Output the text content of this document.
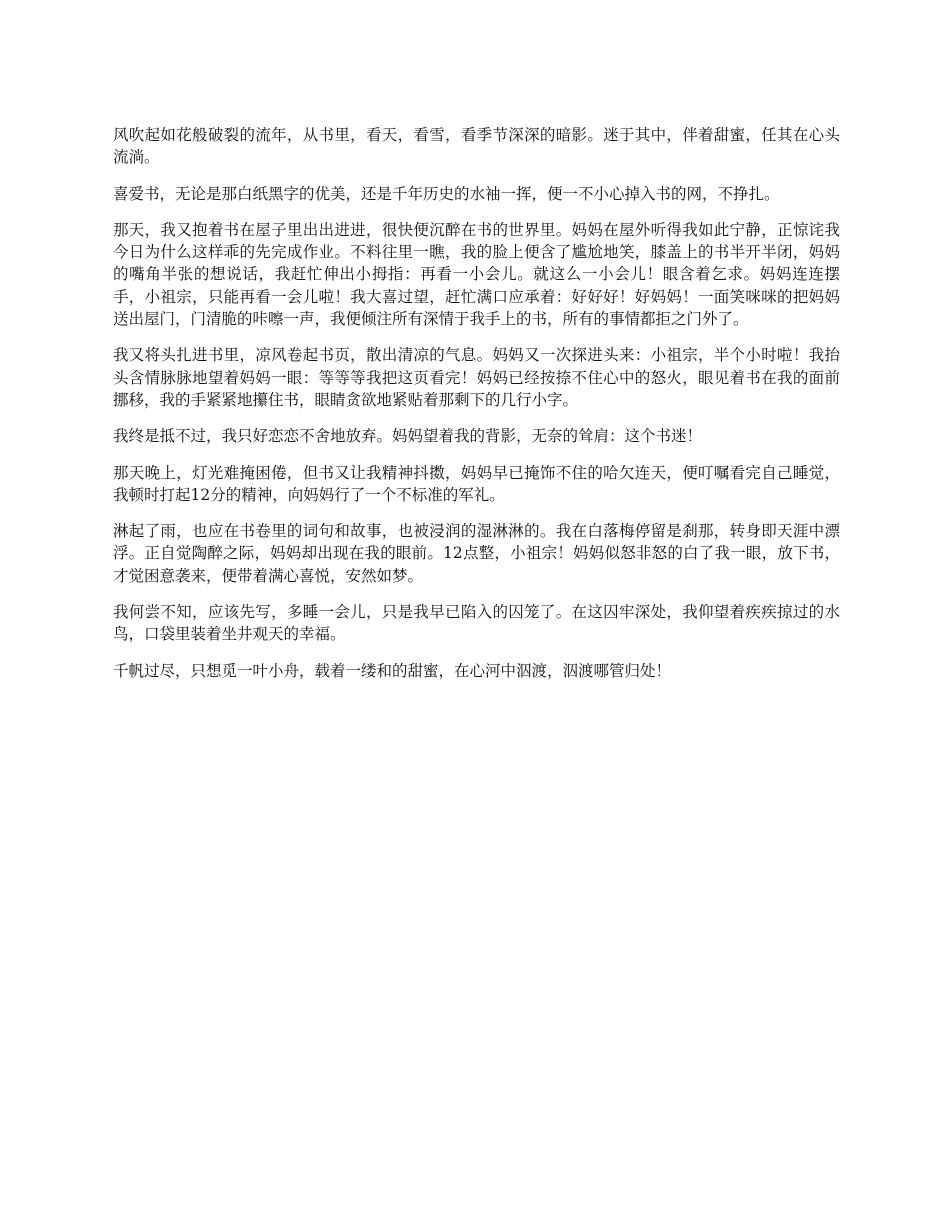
风吹起如花般破裂的流年，从书里，看天，看雪，看季节深深的暗影。迷于其中，伴着甜蜜，任其在心头流淌。

喜爱书，无论是那白纸黑字的优美，还是千年历史的水袖一挥，便一不小心掉入书的网，不挣扎。

那天，我又抱着书在屋子里出出进进，很快便沉醉在书的世界里。妈妈在屋外听得我如此宁静，正惊诧我今日为什么这样乖的先完成作业。不料往里一瞧，我的脸上便含了尴尬地笑，膝盖上的书半开半闭，妈妈的嘴角半张的想说话，我赶忙伸出小拇指：再看一小会儿。就这么一小会儿！眼含着乞求。妈妈连连摆手，小祖宗，只能再看一会儿啦！我大喜过望，赶忙满口应承着：好好好！好妈妈！一面笑咪咪的把妈妈送出屋门，门清脆的咔嚓一声，我便倾注所有深情于我手上的书，所有的事情都拒之门外了。

我又将头扎进书里，凉风卷起书页，散出清凉的气息。妈妈又一次探进头来：小祖宗，半个小时啦！我抬头含情脉脉地望着妈妈一眼：等等等我把这页看完！妈妈已经按捺不住心中的怒火，眼见着书在我的面前挪移，我的手紧紧地攥住书，眼睛贪欲地紧贴着那剩下的几行小字。

我终是抵不过，我只好恋恋不舍地放弃。妈妈望着我的背影，无奈的耸肩：这个书迷！

那天晚上，灯光难掩困倦，但书又让我精神抖擞，妈妈早已掩饰不住的哈欠连天，便叮嘱看完自己睡觉，我顿时打起12分的精神，向妈妈行了一个不标准的军礼。

淋起了雨，也应在书卷里的词句和故事，也被浸润的湿淋淋的。我在白落梅停留是刹那，转身即天涯中漂浮。正自觉陶醉之际，妈妈却出现在我的眼前。12点整，小祖宗！妈妈似怒非怒的白了我一眼，放下书，才觉困意袭来，便带着满心喜悦，安然如梦。

我何尝不知，应该先写，多睡一会儿，只是我早已陷入的囚笼了。在这囚牢深处，我仰望着疾疾掠过的水鸟，口袋里装着坐井观天的幸福。

千帆过尽，只想觅一叶小舟，载着一缕和的甜蜜，在心河中泅渡，泅渡哪管归处！
